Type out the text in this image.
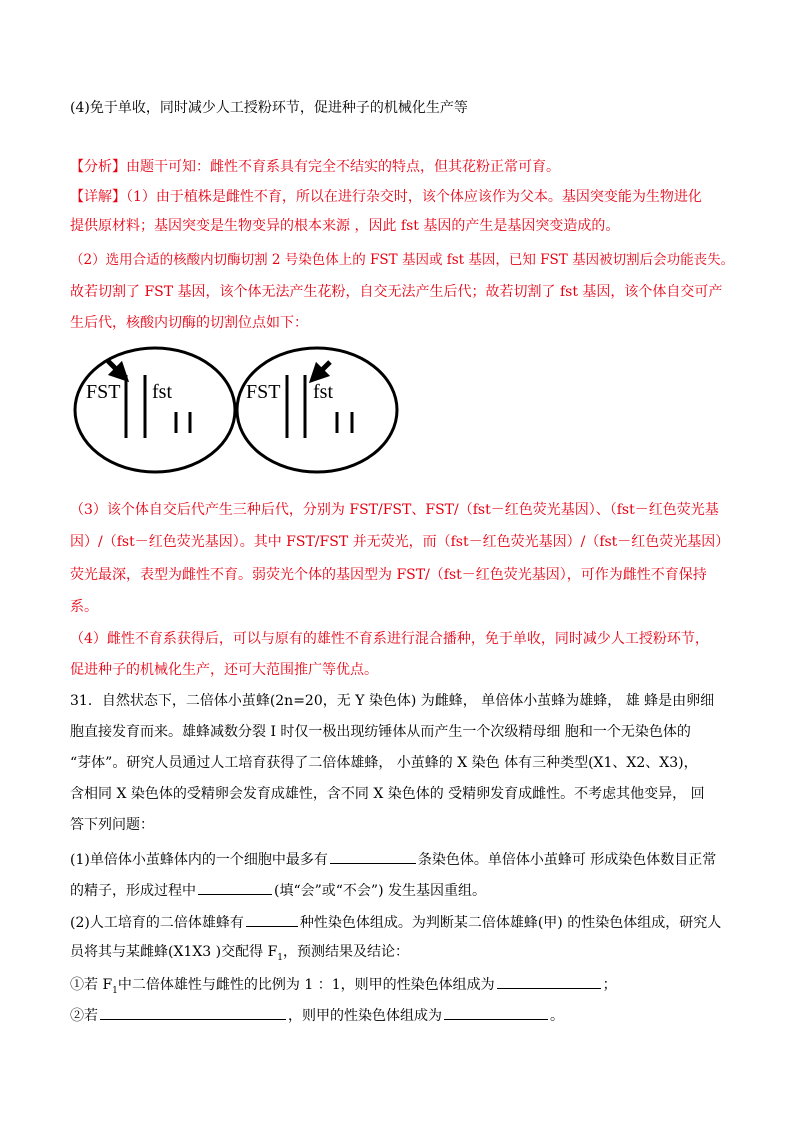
(4)免于单收，同时减少人工授粉环节，促进种子的机械化生产等
【分析】由题干可知：雌性不育系具有完全不结实的特点，但其花粉正常可育。
【详解】（1）由于植株是雌性不育，所以在进行杂交时，该个体应该作为父本。基因突变能为生物进化
提供原材料；基因突变是生物变异的根本来源 ，因此 fst 基因的产生是基因突变造成的。
（2）选用合适的核酸内切酶切割 2 号染色体上的 FST 基因或 fst 基因，已知 FST 基因被切割后会功能丧失。
故若切割了 FST 基因，该个体无法产生花粉，自交无法产生后代；故若切割了 fst 基因，该个体自交可产
生后代，核酸内切酶的切割位点如下：
FST fst	FST fst
（3）该个体自交后代产生三种后代，分别为 FST/FST、FST/（fst－红色荧光基因）、（fst－红色荧光基
因）/（fst－红色荧光基因）。其中 FST/FST 并无荧光，而（fst－红色荧光基因）/（fst－红色荧光基因）
荧光最深，表型为雌性不育。弱荧光个体的基因型为 FST/（fst－红色荧光基因），可作为雌性不育保持
系。
（4）雌性不育系获得后，可以与原有的雄性不育系进行混合播种，免于单收，同时减少人工授粉环节，
促进种子的机械化生产，还可大范围推广等优点。
31．自然状态下，二倍体小茧蜂(2n=20，无 Y 染色体) 为雌蜂， 单倍体小茧蜂为雄蜂， 雄 蜂是由卵细
胞直接发育而来。雄蜂减数分裂 Ⅰ 时仅一极出现纺锤体从而产生一个次级精母细 胞和一个无染色体的
“芽体”。研究人员通过人工培育获得了二倍体雄蜂， 小茧蜂的 X 染色 体有三种类型(X1、X2、X3)，
含相同 X 染色体的受精卵会发育成雄性，含不同 X 染色体的 受精卵发育成雌性。不考虑其他变异， 回
答下列问题：
(1)单倍体小茧蜂体内的一个细胞中最多有	条染色体。单倍体小茧蜂可 形成染色体数目正常
的精子，形成过程中	(填“会”或“不会”) 发生基因重组。
(2)人工培育的二倍体雄蜂有	种性染色体组成。为判断某二倍体雄蜂(甲) 的性染色体组成，研究人
员将其与某雌蜂(X1X3 )交配得 $F_1$，预测结果及结论：
①若 $F_1$中二倍体雄性与雌性的比例为 1 ：1，则甲的性染色体组成为	；
②若	，则甲的性染色体组成为	。
